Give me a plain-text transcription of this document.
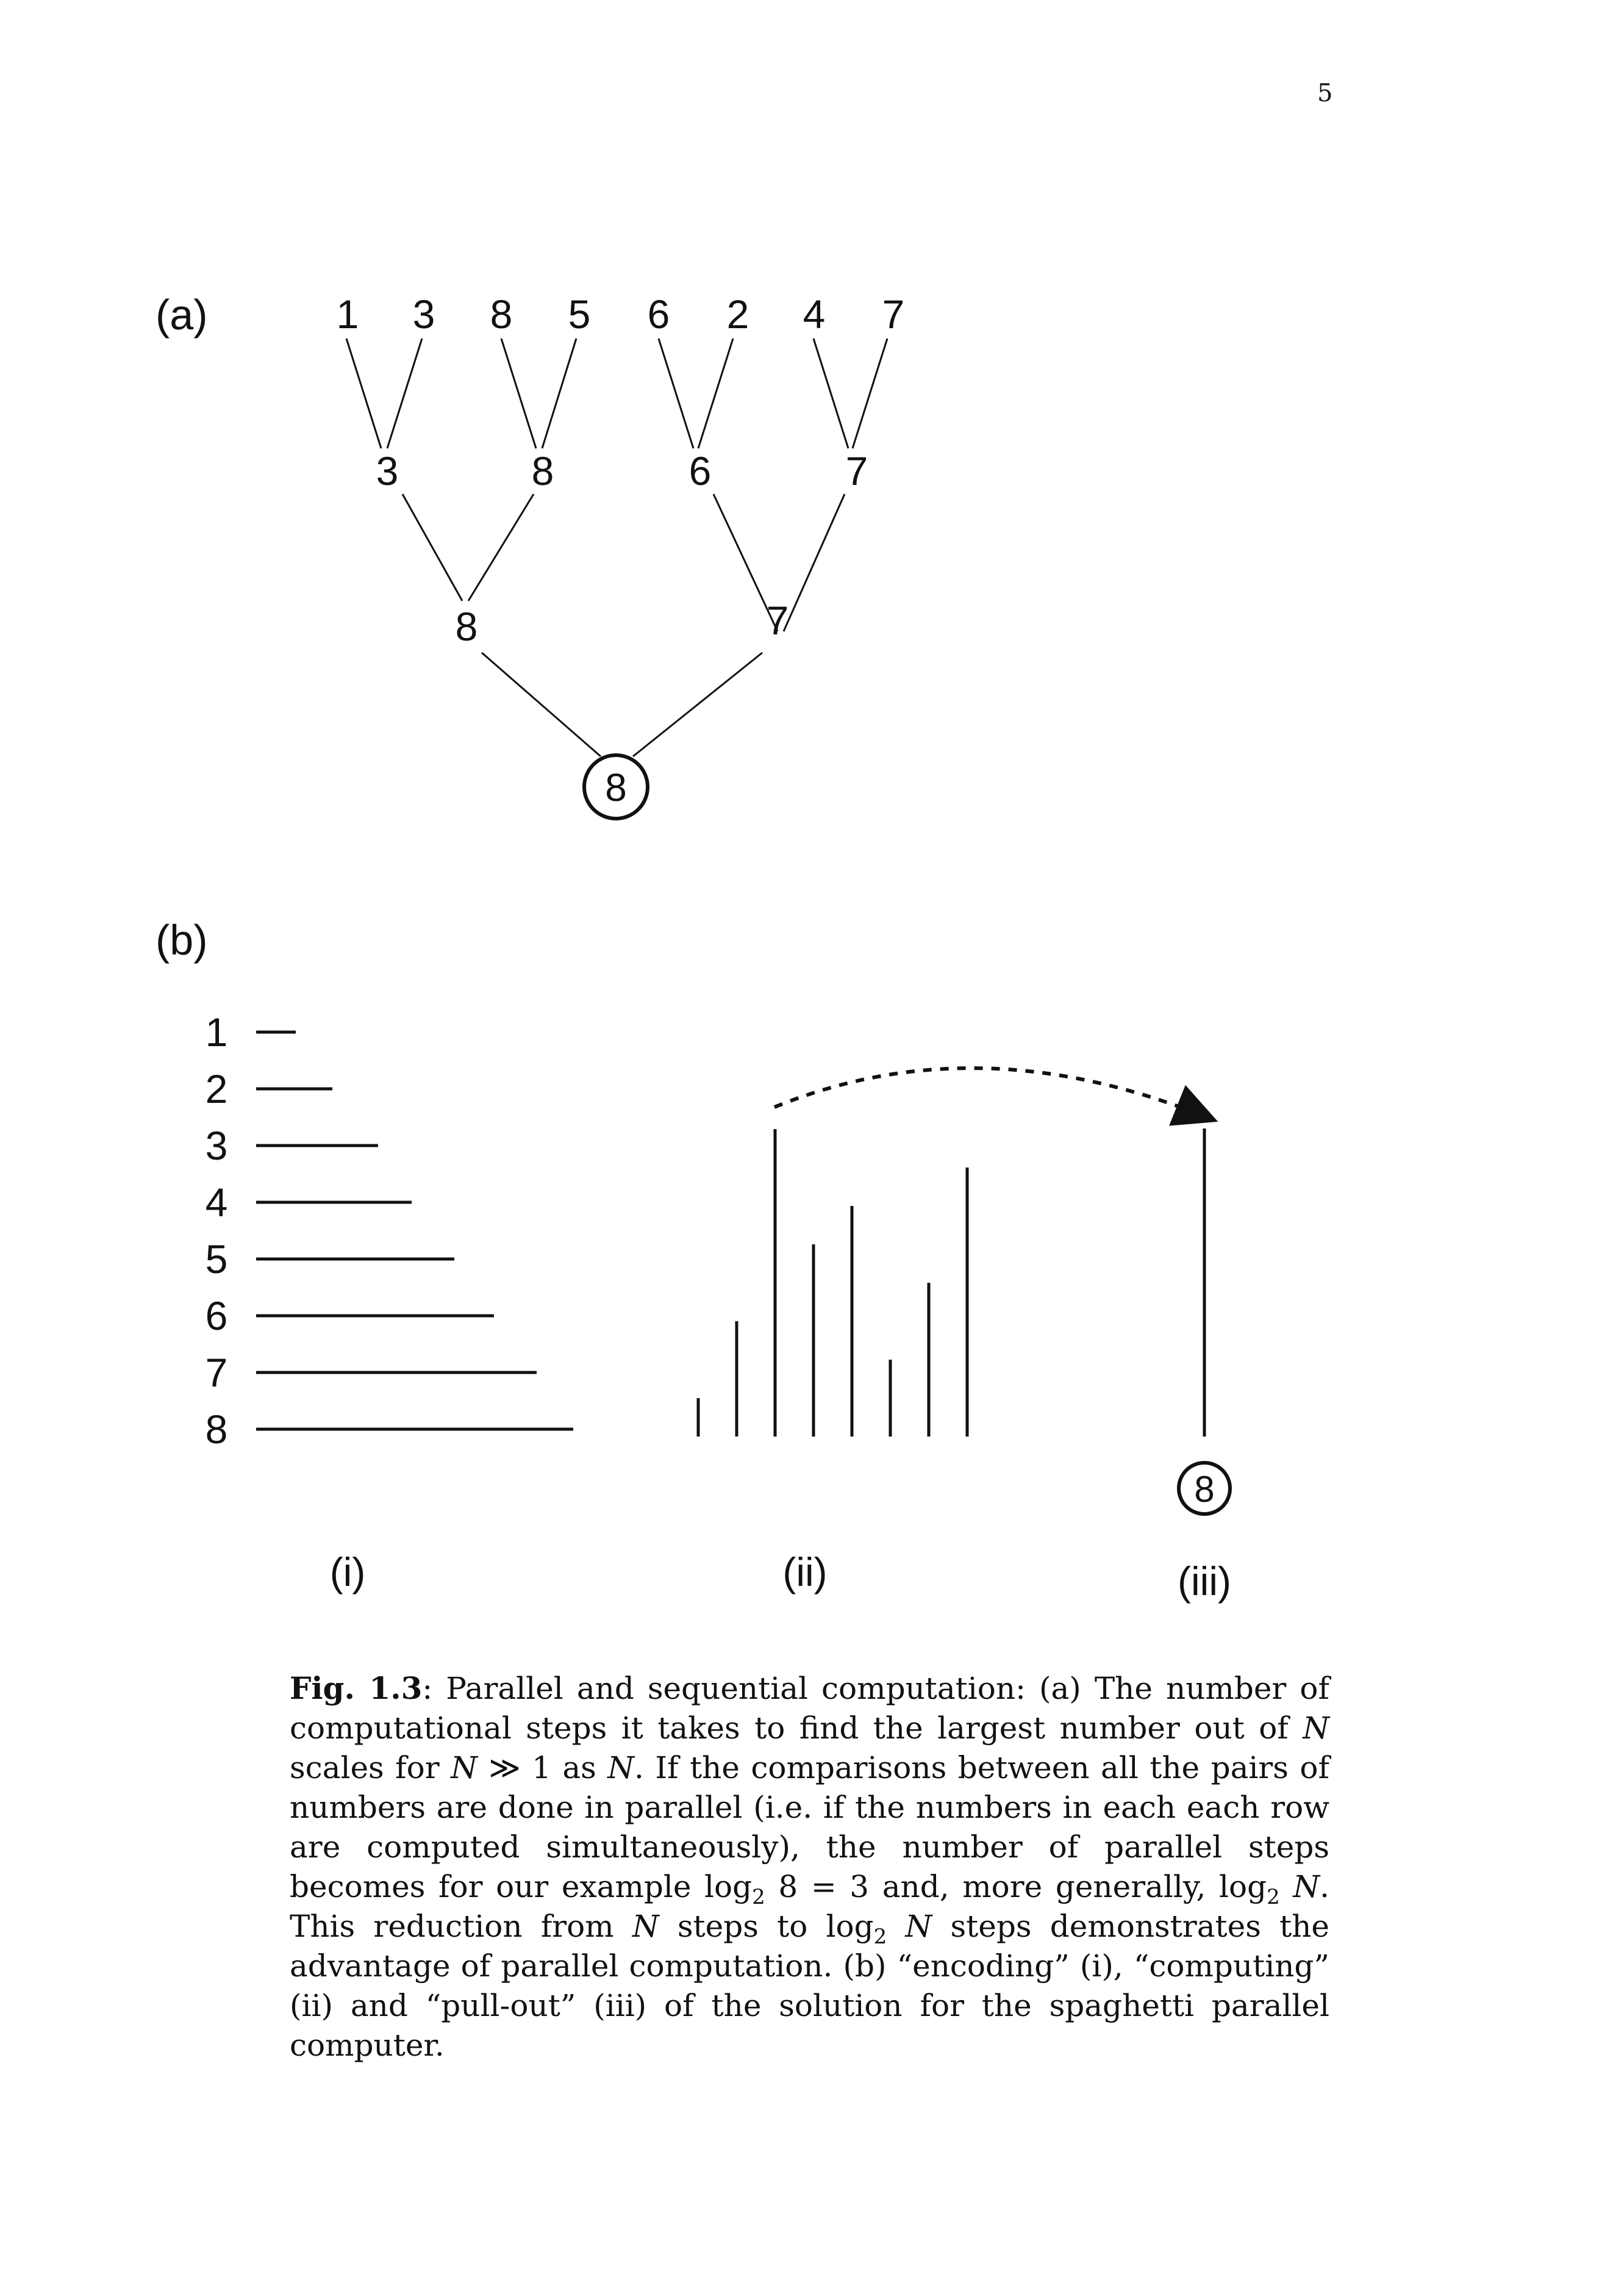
5
(a)	1 3 8 5 6 2 4 7
3	8	6	7
8	7
8
(b)
1
2
3
4
5
6
7
8
8
(i)	(ii)	(iii)
Fig. 1.3: Parallel and sequential computation: (a) The number of computational steps it takes to find the largest number out of N scales for N ≫ 1 as N. If the comparisons between all the pairs of numbers are done in parallel (i.e. if the numbers in each each row are computed simultaneously), the number of parallel steps becomes for our example $\log_2 8 = 3$ and, more generally, $\log_2 N$. This reduction from N steps to $\log_2 N$ steps demonstrates the advantage of parallel computation. (b) “encoding” (i), “computing” (ii) and “pull-out” (iii) of the solution for the spaghetti parallel computer.
